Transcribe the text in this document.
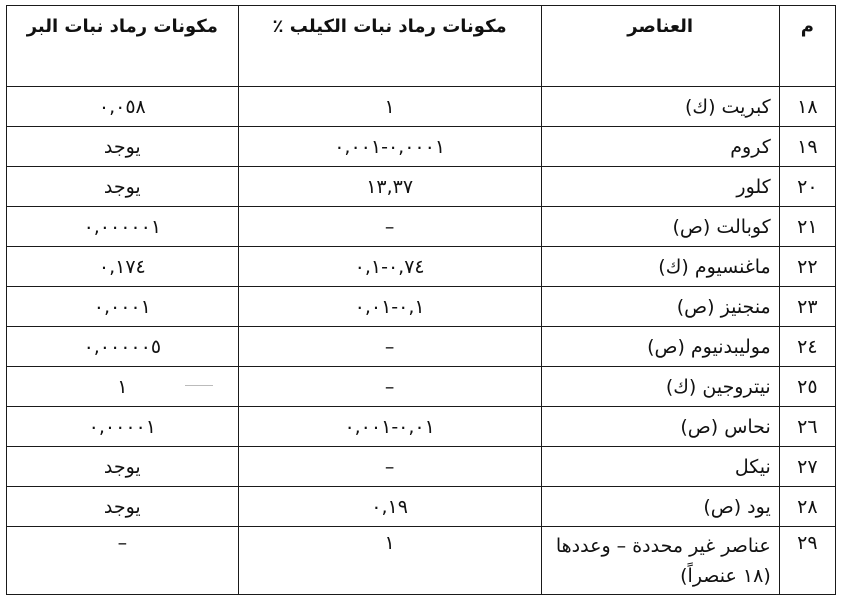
م	العناصر	مكونات رماد نبات الكيلب ٪	مكونات رماد نبات البر
١٨	كبريت (ك)	١	٠,٠٥٨
١٩	كروم	٠,٠٠٠١-٠,٠٠١	يوجد
٢٠	كلور	١٣,٣٧	يوجد
٢١	كوبالت (ص)	–	٠,٠٠٠٠٠١
٢٢	ماغنسيوم (ك)	٠,٧٤-٠,١	٠,١٧٤
٢٣	منجنيز (ص)	٠,١-٠,٠١	٠,٠٠٠١
٢٤	موليبدنيوم (ص)	–	٠,٠٠٠٠٠٥
٢٥	نيتروجين (ك)	–	١
٢٦	نحاس (ص)	٠,٠١-٠,٠٠١	٠,٠٠٠٠١
٢٧	نيكل	–	يوجد
٢٨	يود (ص)	٠,١٩	يوجد
٢٩	عناصر غير محددة – وعددها (١٨ عنصراً)	١	–
